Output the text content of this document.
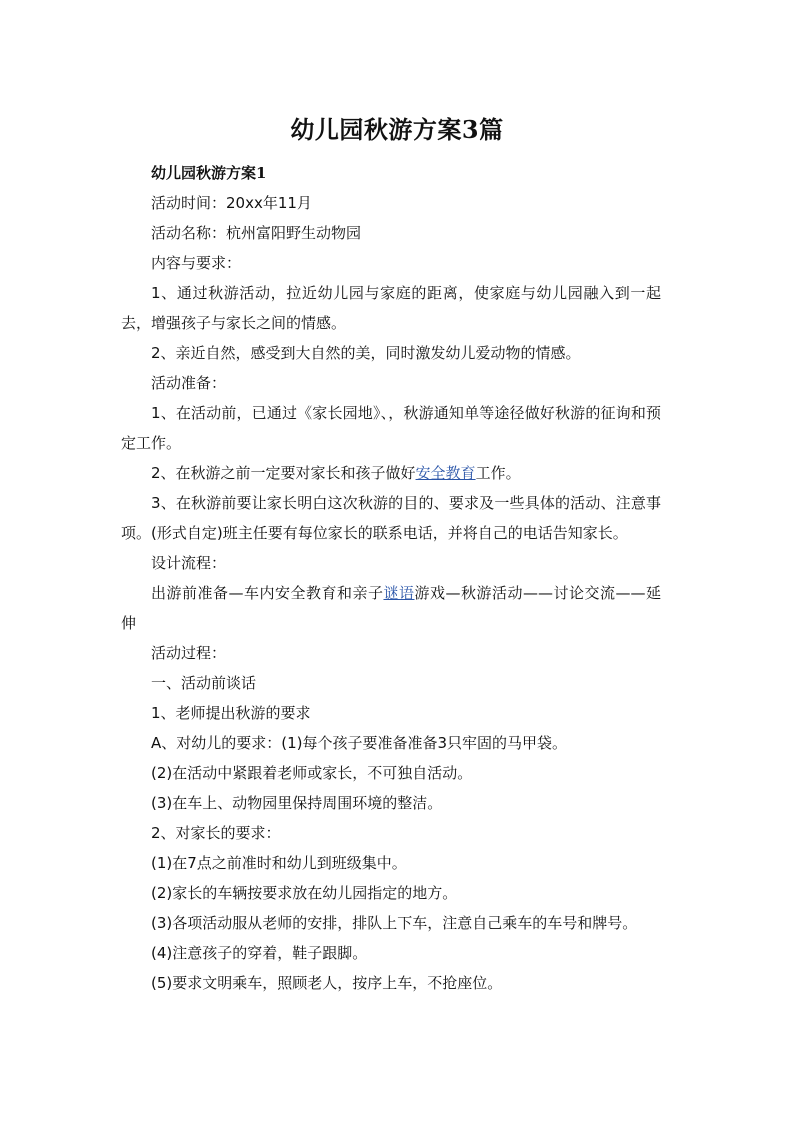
幼儿园秋游方案3篇

幼儿园秋游方案1

活动时间：20xx年11月

活动名称：杭州富阳野生动物园

内容与要求：

1、通过秋游活动，拉近幼儿园与家庭的距离，使家庭与幼儿园融入到一起去，增强孩子与家长之间的情感。

2、亲近自然，感受到大自然的美，同时激发幼儿爱动物的情感。

活动准备：

1、在活动前，已通过《家长园地》、，秋游通知单等途径做好秋游的征询和预定工作。

2、在秋游之前一定要对家长和孩子做好安全教育工作。

3、在秋游前要让家长明白这次秋游的目的、要求及一些具体的活动、注意事项。(形式自定)班主任要有每位家长的联系电话，并将自己的电话告知家长。

设计流程：

出游前准备—车内安全教育和亲子谜语游戏—秋游活动——讨论交流——延伸

活动过程：

一、活动前谈话

1、老师提出秋游的要求

A、对幼儿的要求：(1)每个孩子要准备准备3只牢固的马甲袋。

(2)在活动中紧跟着老师或家长，不可独自活动。

(3)在车上、动物园里保持周围环境的整洁。

2、对家长的要求：

(1)在7点之前准时和幼儿到班级集中。

(2)家长的车辆按要求放在幼儿园指定的地方。

(3)各项活动服从老师的安排，排队上下车，注意自己乘车的车号和牌号。

(4)注意孩子的穿着，鞋子跟脚。

(5)要求文明乘车，照顾老人，按序上车，不抢座位。
